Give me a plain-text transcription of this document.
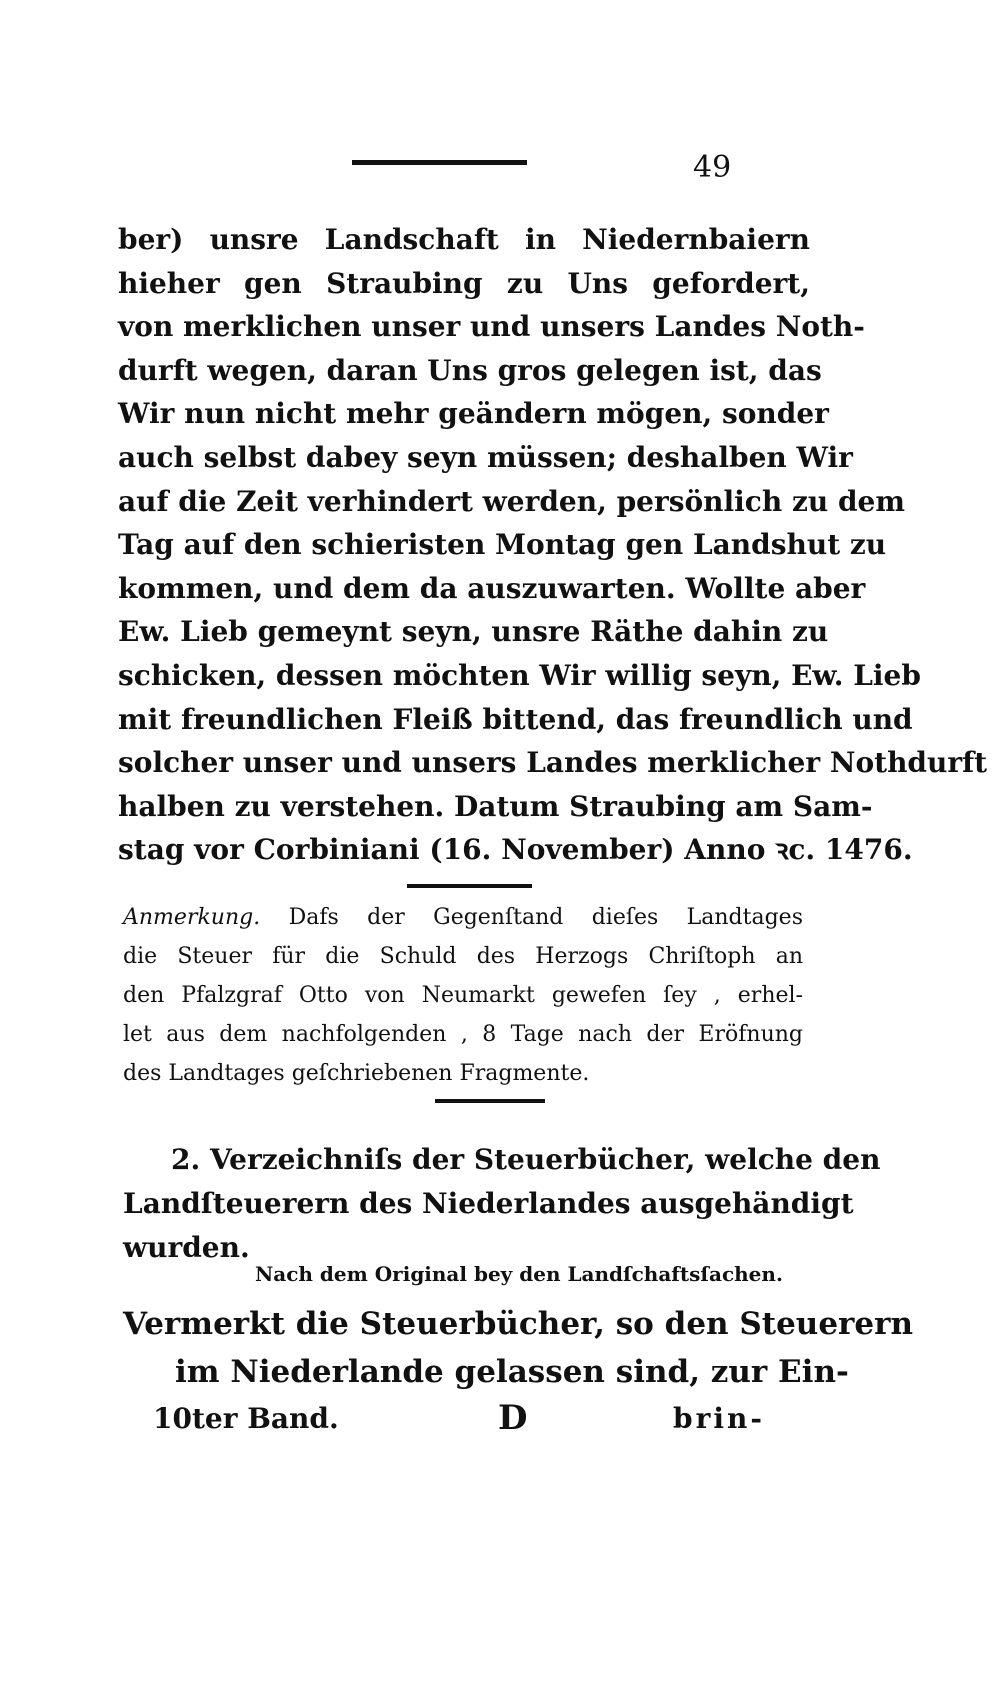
49
ber) unsre Landschaft in Niedernbaiern
hieher gen Straubing zu Uns gefordert,
von merklichen unser und unsers Landes Noth-
durft wegen, daran Uns gros gelegen ist, das
Wir nun nicht mehr geändern mögen, sonder
auch selbst dabey seyn müssen; deshalben Wir
auf die Zeit verhindert werden, persönlich zu dem
Tag auf den schieristen Montag gen Landshut zu
kommen, und dem da auszuwarten. Wollte aber
Ew. Lieb gemeynt seyn, unsre Räthe dahin zu
schicken, dessen möchten Wir willig seyn, Ew. Lieb
mit freundlichen Fleiß bittend, das freundlich und
solcher unser und unsers Landes merklicher Nothdurft
halben zu verstehen. Datum Straubing am Sam-
stag vor Corbiniani (16. November) Anno ꝛc. 1476.
Anmerkung. Dafs der Gegenſtand dieſes Landtages
die Steuer für die Schuld des Herzogs Chriſtoph an
den Pfalzgraf Otto von Neumarkt gewefen ſey , erhel-
let aus dem nachfolgenden , 8 Tage nach der Eröfnung
des Landtages geſchriebenen Fragmente.
2. Verzeichniſs der Steuerbücher, welche den
Landſteuerern des Niederlandes ausgehändigt
wurden.
Nach dem Original bey den Landſchaftsſachen.
Vermerkt die Steuerbücher, so den Steuerern
im Niederlande gelassen sind, zur Ein-
10ter Band.	D	brin-
